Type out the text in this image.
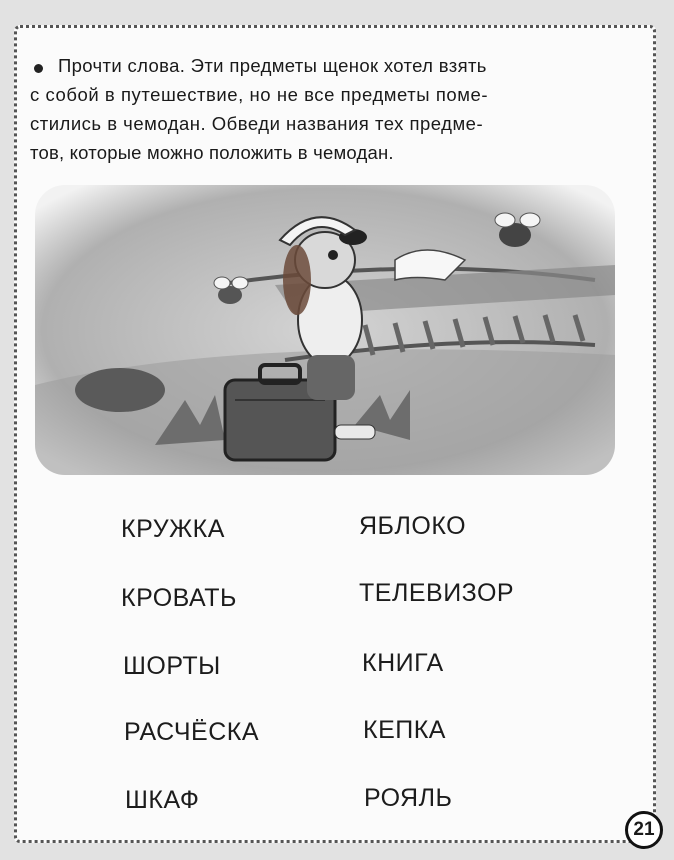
Прочти слова. Эти предметы щенок хотел взять
с собой в путешествие, но не все предметы поме-
стились в чемодан. Обведи названия тех предме-
тов, которые можно положить в чемодан.
КРУЖКА
КРОВАТЬ
ШОРТЫ
РАСЧЁСКА
ШКАФ
ЯБЛОКО
ТЕЛЕВИЗОР
КНИГА
КЕПКА
РОЯЛЬ
21
